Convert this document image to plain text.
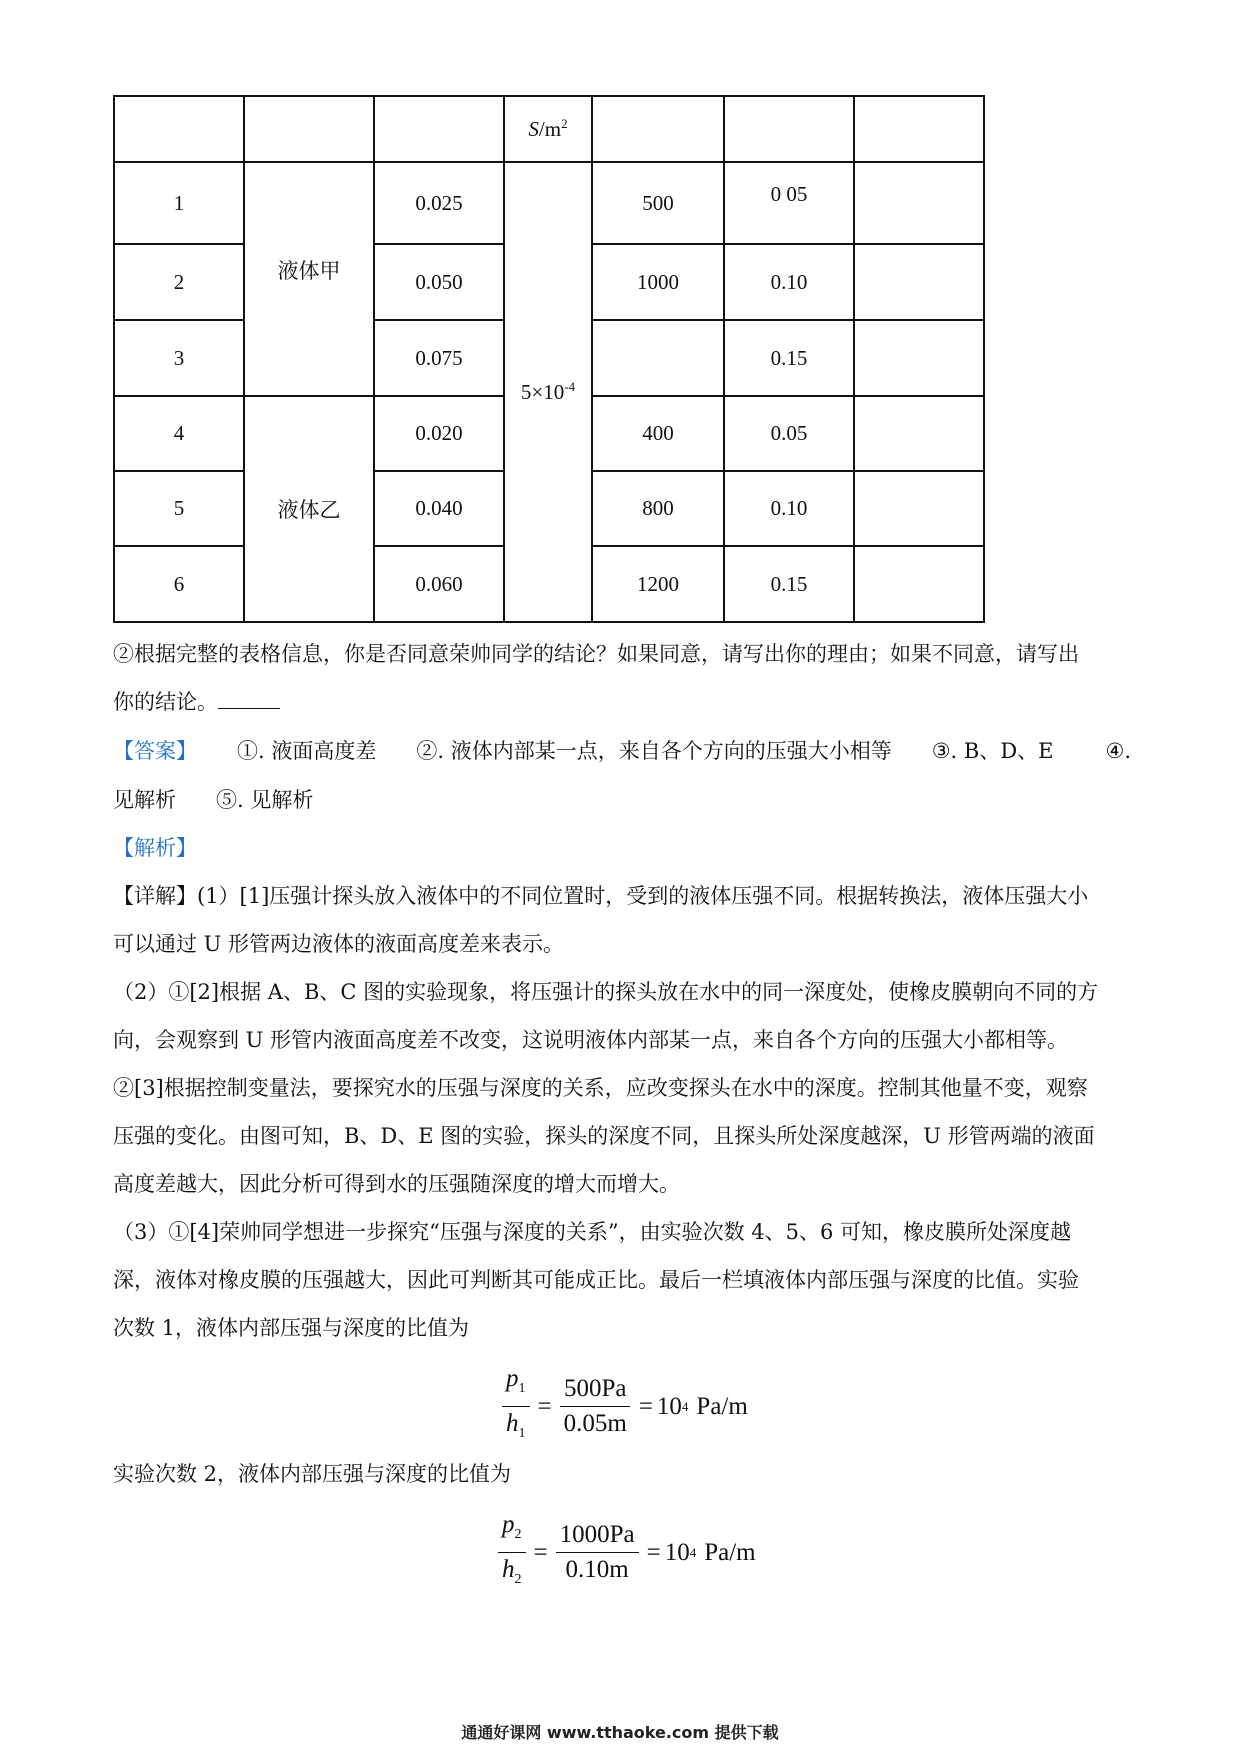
			$S/m^2$			
1	液体甲	0.025	$5\times 10^{-4}$	500	0 05	
2		0.050		1000	0.10	
3		0.075			0.15	
4	液体乙	0.020		400	0.05	
5		0.040		800	0.10	
6		0.060		1200	0.15	
②根据完整的表格信息，你是否同意荣帅同学的结论？如果同意，请写出你的理由；如果不同意，请写出
你的结论。
【答案】 ①. 液面高度差 ②. 液体内部某一点，来自各个方向的压强大小相等 ③. B、D、E ④.
见解析 ⑤. 见解析
【解析】
【详解】(1）[1]压强计探头放入液体中的不同位置时，受到的液体压强不同。根据转换法，液体压强大小
可以通过 U 形管两边液体的液面高度差来表示。
（2）①[2]根据 A、B、C 图的实验现象，将压强计的探头放在水中的同一深度处，使橡皮膜朝向不同的方
向，会观察到 U 形管内液面高度差不改变，这说明液体内部某一点，来自各个方向的压强大小都相等。
②[3]根据控制变量法，要探究水的压强与深度的关系，应改变探头在水中的深度。控制其他量不变，观察
压强的变化。由图可知，B、D、E 图的实验，探头的深度不同，且探头所处深度越深，U 形管两端的液面
高度差越大，因此分析可得到水的压强随深度的增大而增大。
（3）①[4]荣帅同学想进一步探究“压强与深度的关系”，由实验次数 4、5、6 可知，橡皮膜所处深度越
深，液体对橡皮膜的压强越大，因此可判断其可能成正比。最后一栏填液体内部压强与深度的比值。实验
次数 1，液体内部压强与深度的比值为
$\frac{p_1}{h_1} = \frac{500Pa}{0.05m} = 10$ 4 Pa/m
实验次数 2，液体内部压强与深度的比值为
$\frac{p_2}{h_2} = \frac{1000Pa}{0.10m} = 10$ 4 Pa/m
通通好课网 www.tthaoke.com 提供下载
